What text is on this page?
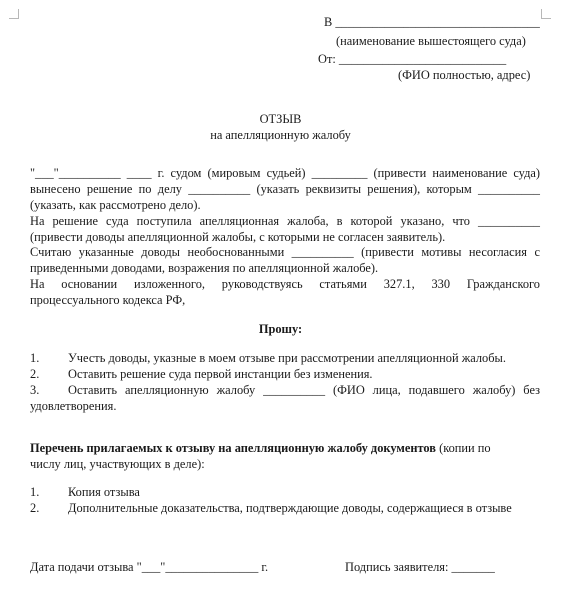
В _________________________________
(наименование вышестоящего суда)
От: ___________________________
(ФИО полностью, адрес)
ОТЗЫВ
на апелляционную жалобу
"___"__________ ____ г. судом (мировым судьей) _________ (привести наименование суда)
вынесено решение по делу __________ (указать реквизиты решения), которым __________
(указать, как рассмотрено дело).
На решение суда поступила апелляционная жалоба, в которой указано, что __________
(привести доводы апелляционной жалобы, с которыми не согласен заявитель).
Считаю указанные доводы необоснованными __________ (привести мотивы несогласия с
приведенными доводами, возражения по апелляционной жалобе).
На основании изложенного, руководствуясь статьями 327.1, 330 Гражданского
процессуального кодекса РФ,
Прошу:
1. Учесть доводы, указные в моем отзыве при рассмотрении апелляционной жалобы.
2. Оставить решение суда первой инстанции без изменения.
3. Оставить апелляционную жалобу __________ (ФИО лица, подавшего жалобу) без
удовлетворения.
Перечень прилагаемых к отзыву на апелляционную жалобу документов (копии по
числу лиц, участвующих в деле):
1. Копия отзыва
2. Дополнительные доказательства, подтверждающие доводы, содержащиеся в отзыве
Дата подачи отзыва "___"_______________ г.	Подпись заявителя: _______
